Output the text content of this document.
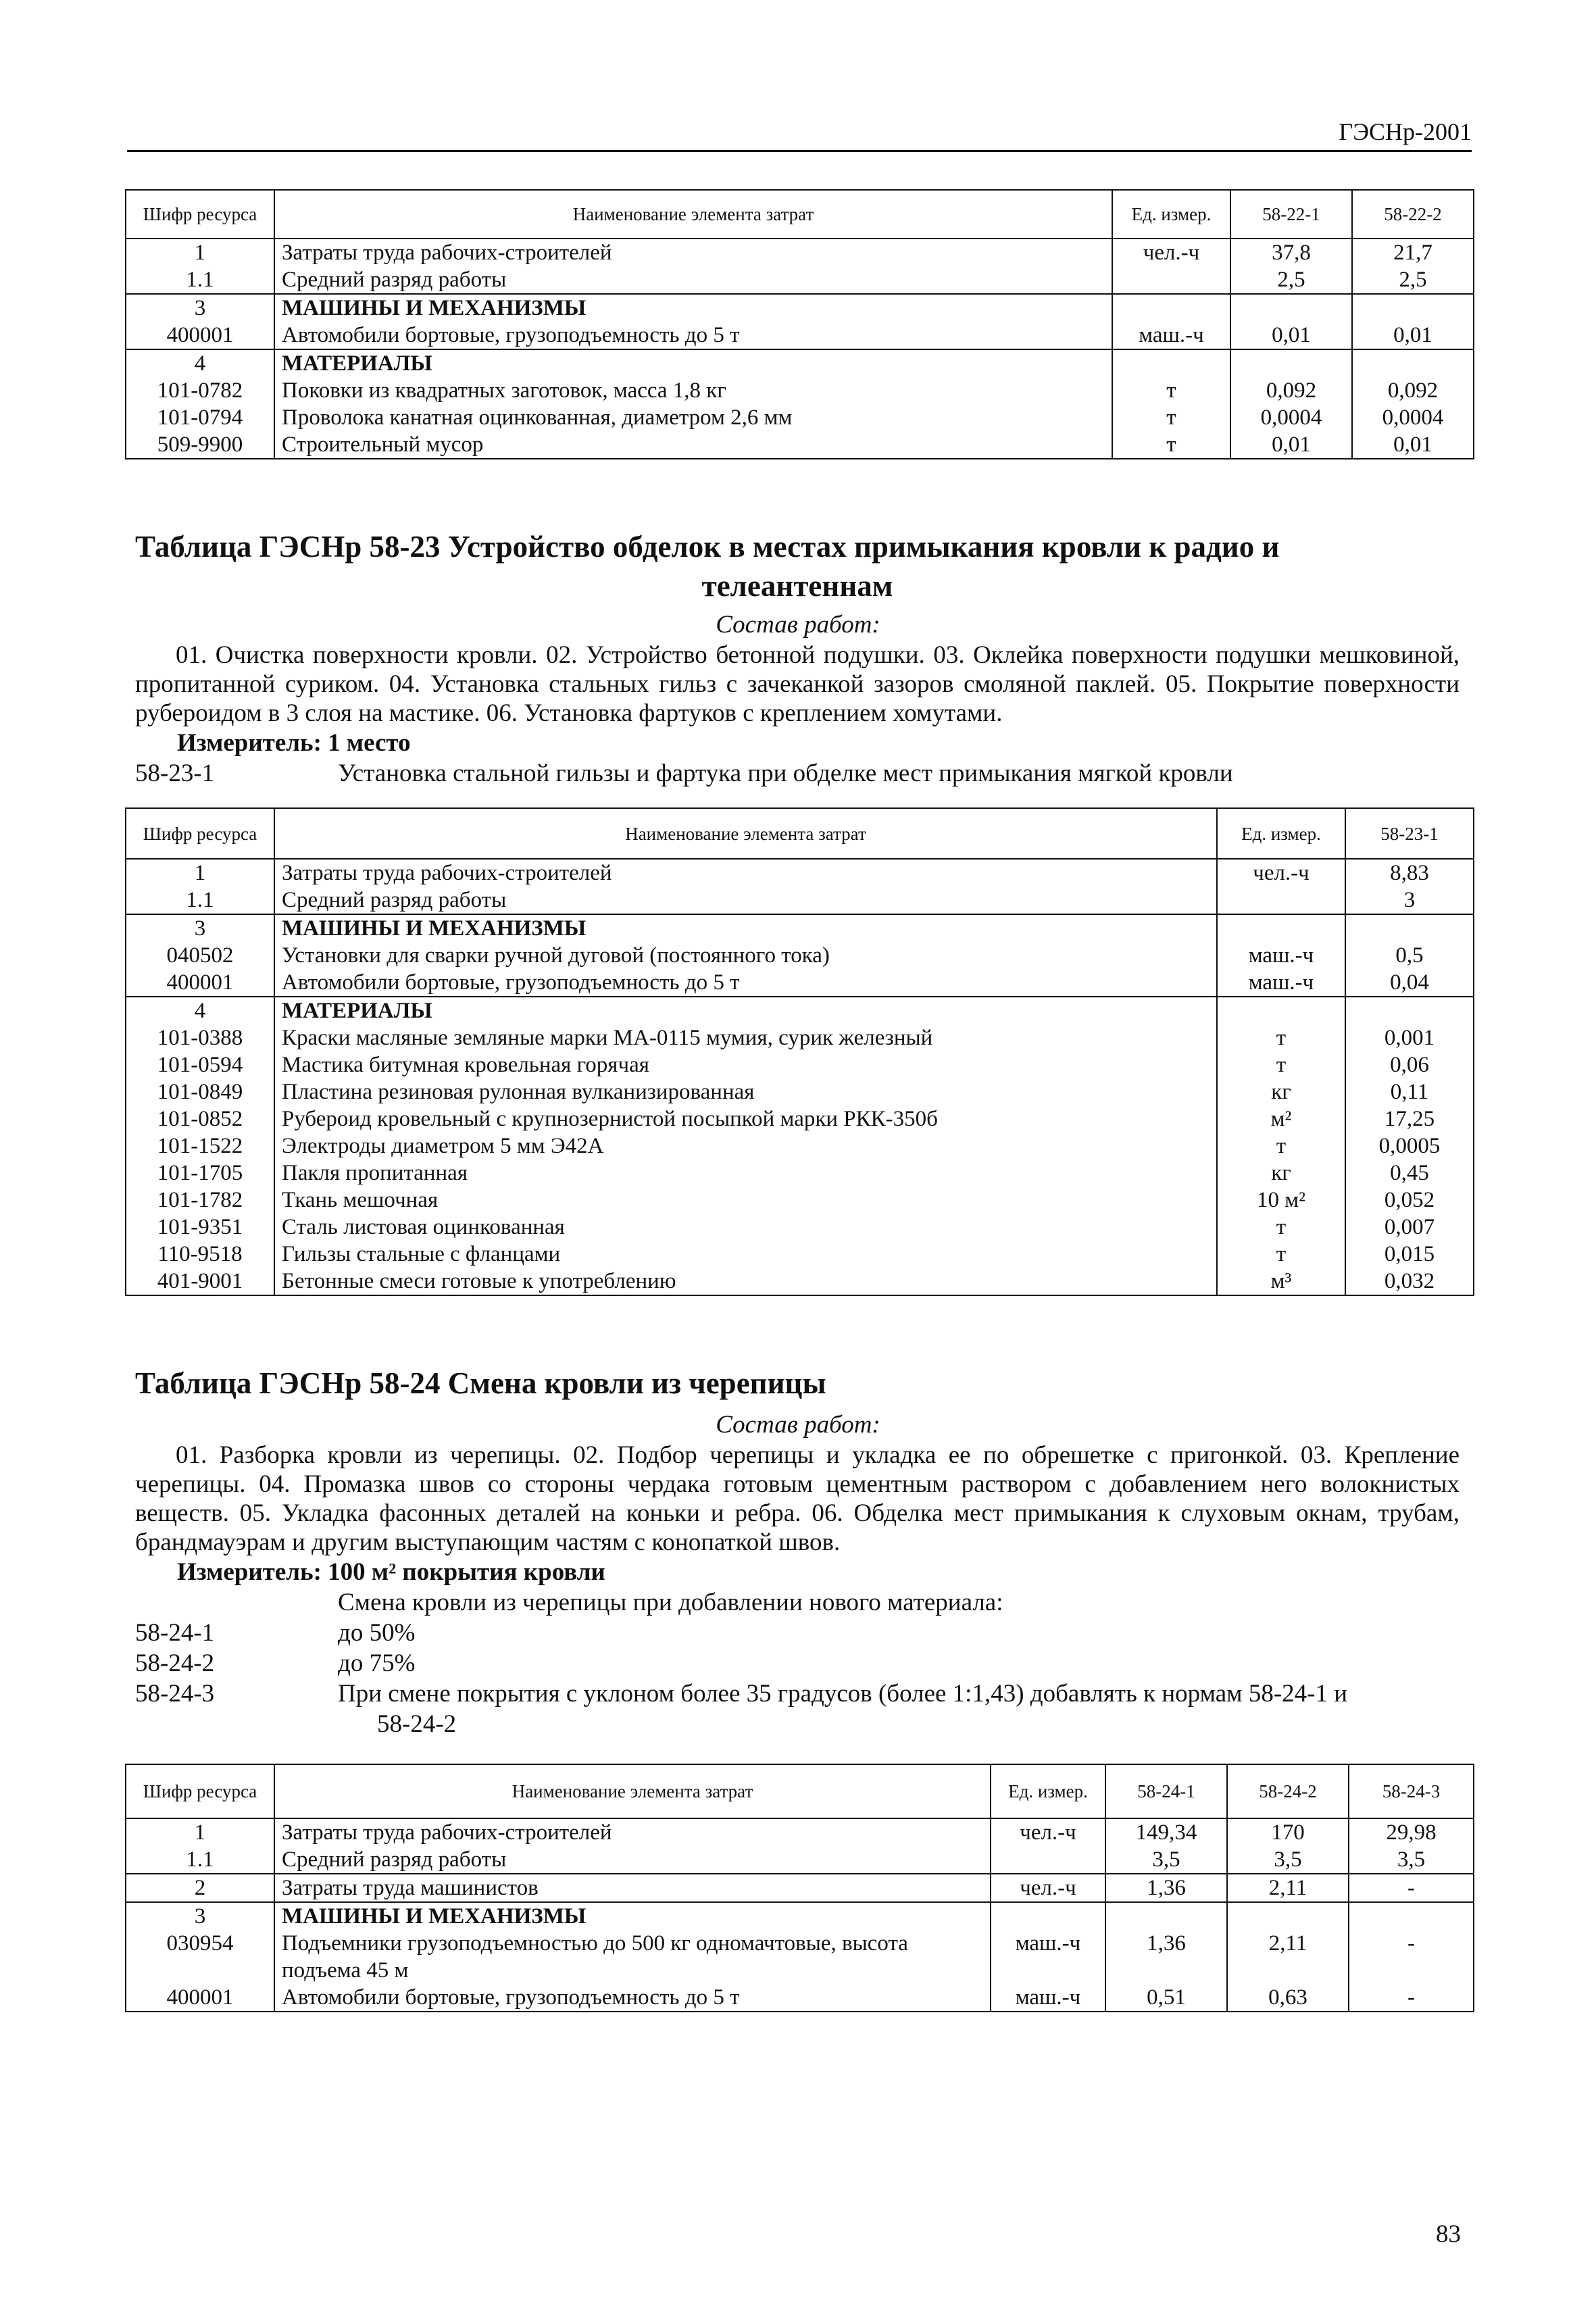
ГЭСНр-2001
Шифр ресурса	Наименование элемента затрат	Ед. измер.	58-22-1	58-22-2
1	Затраты труда рабочих-строителей	чел.-ч	37,8	21,7
1.1	Средний разряд работы		2,5	2,5
3	МАШИНЫ И МЕХАНИЗМЫ			
400001	Автомобили бортовые, грузоподъемность до 5 т	маш.-ч	0,01	0,01
4	МАТЕРИАЛЫ			
101-0782	Поковки из квадратных заготовок, масса 1,8 кг	т	0,092	0,092
101-0794	Проволока канатная оцинкованная, диаметром 2,6 мм	т	0,0004	0,0004
509-9900	Строительный мусор	т	0,01	0,01
Таблица ГЭСНр 58-23 Устройство обделок в местах примыкания кровли к радио и
телеантеннам
Состав работ:
01. Очистка поверхности кровли. 02. Устройство бетонной подушки. 03. Оклейка поверхности подушки мешковиной, пропитанной суриком. 04. Установка стальных гильз с зачеканкой зазоров смоляной паклей. 05. Покрытие поверхности рубероидом в 3 слоя на мастике. 06. Установка фартуков с креплением хомутами.
Измеритель: 1 место
58-23-1	Установка стальной гильзы и фартука при обделке мест примыкания мягкой кровли
Шифр ресурса	Наименование элемента затрат	Ед. измер.	58-23-1
1	Затраты труда рабочих-строителей	чел.-ч	8,83
1.1	Средний разряд работы		3
3	МАШИНЫ И МЕХАНИЗМЫ		
040502	Установки для сварки ручной дуговой (постоянного тока)	маш.-ч	0,5
400001	Автомобили бортовые, грузоподъемность до 5 т	маш.-ч	0,04
4	МАТЕРИАЛЫ		
101-0388	Краски масляные земляные марки МА-0115 мумия, сурик железный	т	0,001
101-0594	Мастика битумная кровельная горячая	т	0,06
101-0849	Пластина резиновая рулонная вулканизированная	кг	0,11
101-0852	Рубероид кровельный с крупнозернистой посыпкой марки РКК-350б	м²	17,25
101-1522	Электроды диаметром 5 мм Э42А	т	0,0005
101-1705	Пакля пропитанная	кг	0,45
101-1782	Ткань мешочная	10 м²	0,052
101-9351	Сталь листовая оцинкованная	т	0,007
110-9518	Гильзы стальные с фланцами	т	0,015
401-9001	Бетонные смеси готовые к употреблению	м³	0,032
Таблица ГЭСНр 58-24 Смена кровли из черепицы
Состав работ:
01. Разборка кровли из черепицы. 02. Подбор черепицы и укладка ее по обрешетке с пригонкой. 03. Крепление черепицы. 04. Промазка швов со стороны чердака готовым цементным раствором с добавлением него волокнистых веществ. 05. Укладка фасонных деталей на коньки и ребра. 06. Обделка мест примыкания к слуховым окнам, трубам, брандмауэрам и другим выступающим частям с конопаткой швов.
Измеритель: 100 м² покрытия кровли
Смена кровли из черепицы при добавлении нового материала:
58-24-1	до 50%
58-24-2	до 75%
58-24-3	При смене покрытия с уклоном более 35 градусов (более 1:1,43) добавлять к нормам 58-24-1 и
58-24-2
Шифр ресурса	Наименование элемента затрат	Ед. измер.	58-24-1	58-24-2	58-24-3
1	Затраты труда рабочих-строителей	чел.-ч	149,34	170	29,98
1.1	Средний разряд работы		3,5	3,5	3,5
2	Затраты труда машинистов	чел.-ч	1,36	2,11	-
3	МАШИНЫ И МЕХАНИЗМЫ				
030954	Подъемники грузоподъемностью до 500 кг одномачтовые, высота подъема 45 м	маш.-ч	1,36	2,11	-
400001	Автомобили бортовые, грузоподъемность до 5 т	маш.-ч	0,51	0,63	-
83
